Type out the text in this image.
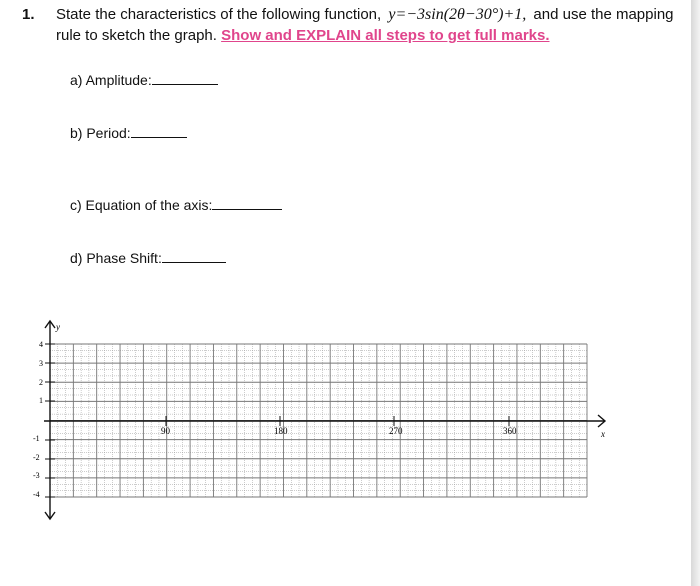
1. State the characteristics of the following function, y=−3sin(2θ−30°)+1, and use the mapping
rule to sketch the graph. Show and EXPLAIN all steps to get full marks.
a) Amplitude:
b) Period:
c) Equation of the axis:
d) Phase Shift:
y
x
90	180	270	360
4
3
2
1
-1
-2
-3
-4
